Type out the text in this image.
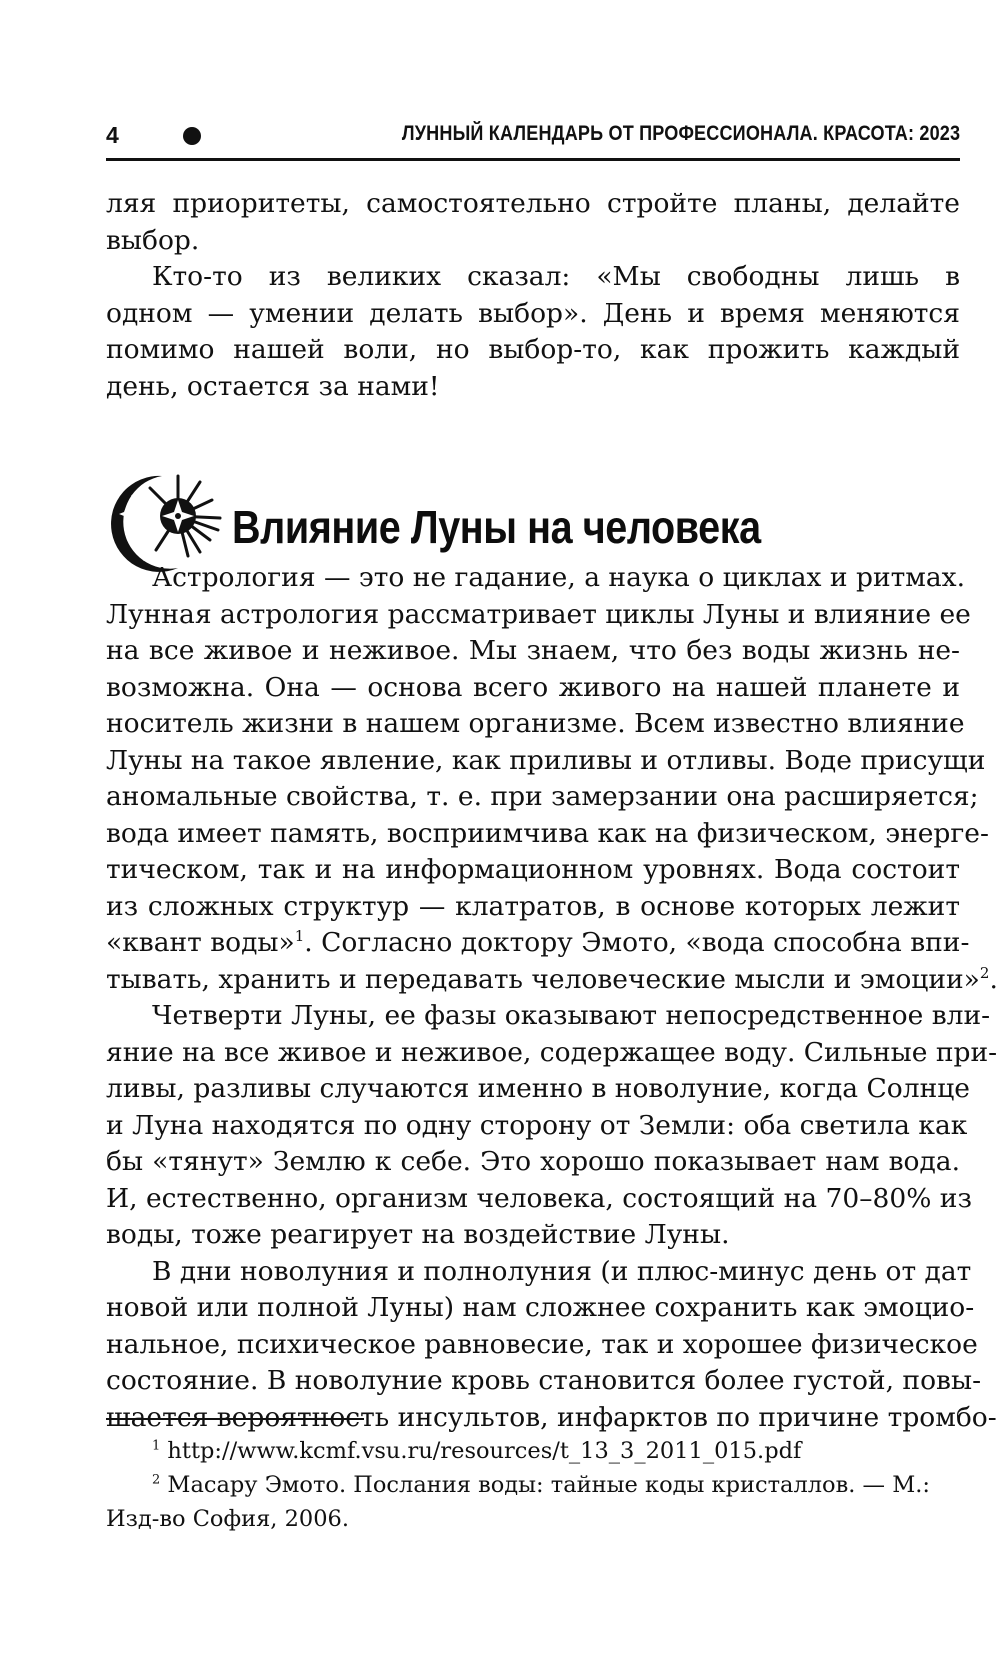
4	ЛУННЫЙ КАЛЕНДАРЬ ОТ ПРОФЕССИОНАЛА. КРАСОТА: 2023

ляя приоритеты, самостоятельно стройте планы, делайте
выбор.

Кто-то из великих сказал: «Мы свободны лишь в
одном — умении делать выбор». День и время меняются
помимо нашей воли, но выбор-то, как прожить каждый
день, остается за нами!

Влияние Луны на человека

Астрология — это не гадание, а наука о циклах и ритмах.
Лунная астрология рассматривает циклы Луны и влияние ее
на все живое и неживое. Мы знаем, что без воды жизнь не-
возможна. Она — основа всего живого на нашей планете и
носитель жизни в нашем организме. Всем известно влияние
Луны на такое явление, как приливы и отливы. Воде присущи
аномальные свойства, т. е. при замерзании она расширяется;
вода имеет память, восприимчива как на физическом, энерге-
тическом, так и на информационном уровнях. Вода состоит
из сложных структур — клатратов, в основе которых лежит
«квант воды»$^1$. Согласно доктору Эмото, «вода способна впи-
тывать, хранить и передавать человеческие мысли и эмоции»$^2$.

Четверти Луны, ее фазы оказывают непосредственное вли-
яние на все живое и неживое, содержащее воду. Сильные при-
ливы, разливы случаются именно в новолуние, когда Солнце
и Луна находятся по одну сторону от Земли: оба светила как
бы «тянут» Землю к себе. Это хорошо показывает нам вода.
И, естественно, организм человека, состоящий на 70–80% из
воды, тоже реагирует на воздействие Луны.

В дни новолуния и полнолуния (и плюс-минус день от дат
новой или полной Луны) нам сложнее сохранить как эмоцио-
нальное, психическое равновесие, так и хорошее физическое
состояние. В новолуние кровь становится более густой, повы-
шается вероятность инсультов, инфарктов по причине тромбо-

$^1$ http://www.kcmf.vsu.ru/resources/t_13_3_2011_015.pdf

$^2$ Масару Эмото. Послания воды: тайные коды кристаллов. — М.: Изд-во София, 2006.
